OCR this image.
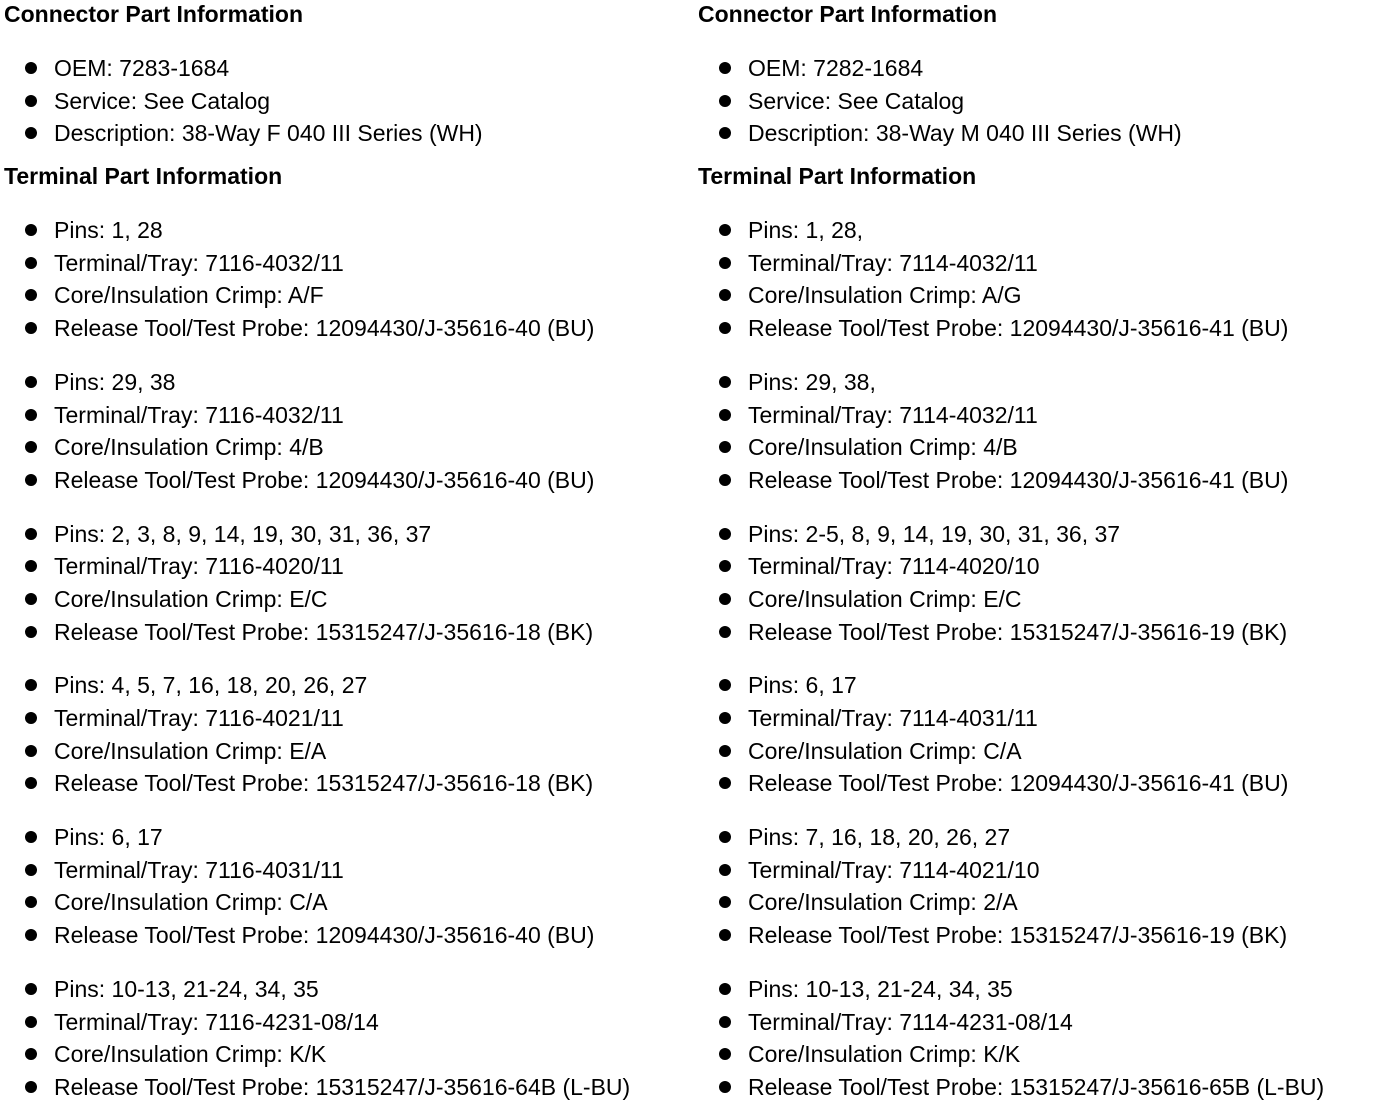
Connector Part Information
OEM: 7283-1684
Service: See Catalog
Description: 38-Way F 040 III Series (WH)
Terminal Part Information
Pins: 1, 28
Terminal/Tray: 7116-4032/11
Core/Insulation Crimp: A/F
Release Tool/Test Probe: 12094430/J-35616-40 (BU)
Pins: 29, 38
Terminal/Tray: 7116-4032/11
Core/Insulation Crimp: 4/B
Release Tool/Test Probe: 12094430/J-35616-40 (BU)
Pins: 2, 3, 8, 9, 14, 19, 30, 31, 36, 37
Terminal/Tray: 7116-4020/11
Core/Insulation Crimp: E/C
Release Tool/Test Probe: 15315247/J-35616-18 (BK)
Pins: 4, 5, 7, 16, 18, 20, 26, 27
Terminal/Tray: 7116-4021/11
Core/Insulation Crimp: E/A
Release Tool/Test Probe: 15315247/J-35616-18 (BK)
Pins: 6, 17
Terminal/Tray: 7116-4031/11
Core/Insulation Crimp: C/A
Release Tool/Test Probe: 12094430/J-35616-40 (BU)
Pins: 10-13, 21-24, 34, 35
Terminal/Tray: 7116-4231-08/14
Core/Insulation Crimp: K/K
Release Tool/Test Probe: 15315247/J-35616-64B (L-BU)
Connector Part Information
OEM: 7282-1684
Service: See Catalog
Description: 38-Way M 040 III Series (WH)
Terminal Part Information
Pins: 1, 28,
Terminal/Tray: 7114-4032/11
Core/Insulation Crimp: A/G
Release Tool/Test Probe: 12094430/J-35616-41 (BU)
Pins: 29, 38,
Terminal/Tray: 7114-4032/11
Core/Insulation Crimp: 4/B
Release Tool/Test Probe: 12094430/J-35616-41 (BU)
Pins: 2-5, 8, 9, 14, 19, 30, 31, 36, 37
Terminal/Tray: 7114-4020/10
Core/Insulation Crimp: E/C
Release Tool/Test Probe: 15315247/J-35616-19 (BK)
Pins: 6, 17
Terminal/Tray: 7114-4031/11
Core/Insulation Crimp: C/A
Release Tool/Test Probe: 12094430/J-35616-41 (BU)
Pins: 7, 16, 18, 20, 26, 27
Terminal/Tray: 7114-4021/10
Core/Insulation Crimp: 2/A
Release Tool/Test Probe: 15315247/J-35616-19 (BK)
Pins: 10-13, 21-24, 34, 35
Terminal/Tray: 7114-4231-08/14
Core/Insulation Crimp: K/K
Release Tool/Test Probe: 15315247/J-35616-65B (L-BU)
